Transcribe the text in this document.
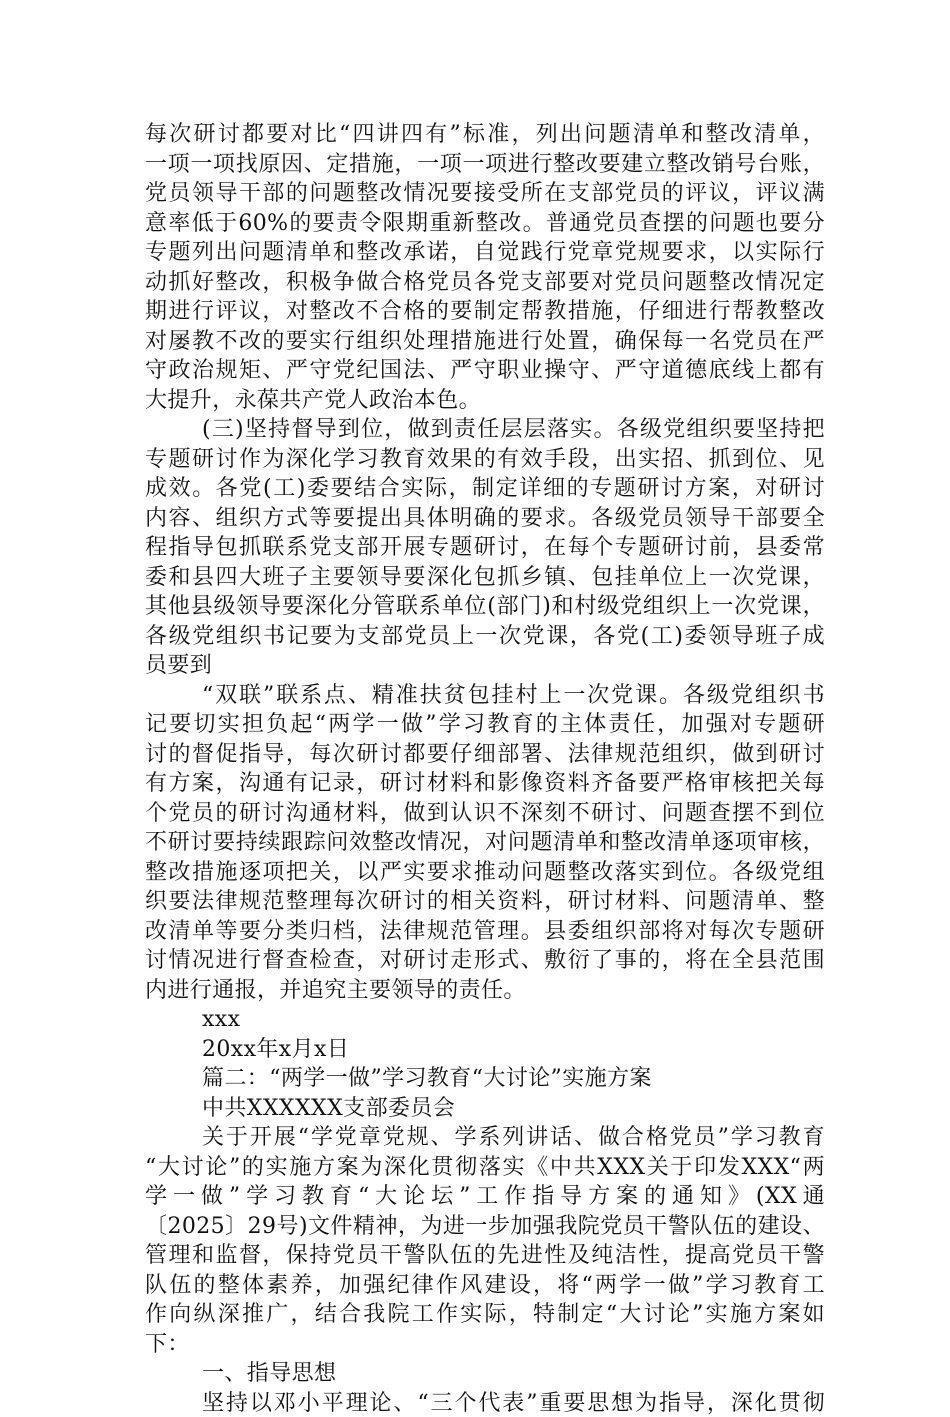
每次研讨都要对比“四讲四有”标准，列出问题清单和整改清单，
一项一项找原因、定措施，一项一项进行整改要建立整改销号台账，
党员领导干部的问题整改情况要接受所在支部党员的评议，评议满
意率低于60%的要责令限期重新整改。普通党员查摆的问题也要分
专题列出问题清单和整改承诺，自觉践行党章党规要求，以实际行
动抓好整改，积极争做合格党员各党支部要对党员问题整改情况定
期进行评议，对整改不合格的要制定帮教措施，仔细进行帮教整改
对屡教不改的要实行组织处理措施进行处置，确保每一名党员在严
守政治规矩、严守党纪国法、严守职业操守、严守道德底线上都有
大提升，永葆共产党人政治本色。
(三)坚持督导到位，做到责任层层落实。各级党组织要坚持把
专题研讨作为深化学习教育效果的有效手段，出实招、抓到位、见
成效。各党(工)委要结合实际，制定详细的专题研讨方案，对研讨
内容、组织方式等要提出具体明确的要求。各级党员领导干部要全
程指导包抓联系党支部开展专题研讨，在每个专题研讨前，县委常
委和县四大班子主要领导要深化包抓乡镇、包挂单位上一次党课，
其他县级领导要深化分管联系单位(部门)和村级党组织上一次党课，
各级党组织书记要为支部党员上一次党课，各党(工)委领导班子成
员要到
“双联”联系点、精准扶贫包挂村上一次党课。各级党组织书
记要切实担负起“两学一做”学习教育的主体责任，加强对专题研
讨的督促指导，每次研讨都要仔细部署、法律规范组织，做到研讨
有方案，沟通有记录，研讨材料和影像资料齐备要严格审核把关每
个党员的研讨沟通材料，做到认识不深刻不研讨、问题查摆不到位
不研讨要持续跟踪问效整改情况，对问题清单和整改清单逐项审核，
整改措施逐项把关，以严实要求推动问题整改落实到位。各级党组
织要法律规范整理每次研讨的相关资料，研讨材料、问题清单、整
改清单等要分类归档，法律规范管理。县委组织部将对每次专题研
讨情况进行督查检查，对研讨走形式、敷衍了事的，将在全县范围
内进行通报，并追究主要领导的责任。
xxx
20xx年x月x日
篇二：“两学一做”学习教育“大讨论”实施方案
中共XXXXXX支部委员会
关于开展“学党章党规、学系列讲话、做合格党员”学习教育
“大讨论”的实施方案为深化贯彻落实《中共XXX关于印发XXX“两
学一做”学习教育“大论坛”工作指导方案的通知》(XX通
〔2025〕29号)文件精神，为进一步加强我院党员干警队伍的建设、
管理和监督，保持党员干警队伍的先进性及纯洁性，提高党员干警
队伍的整体素养，加强纪律作风建设，将“两学一做”学习教育工
作向纵深推广，结合我院工作实际，特制定“大讨论”实施方案如
下：
一、指导思想
坚持以邓小平理论、“三个代表”重要思想为指导，深化贯彻
